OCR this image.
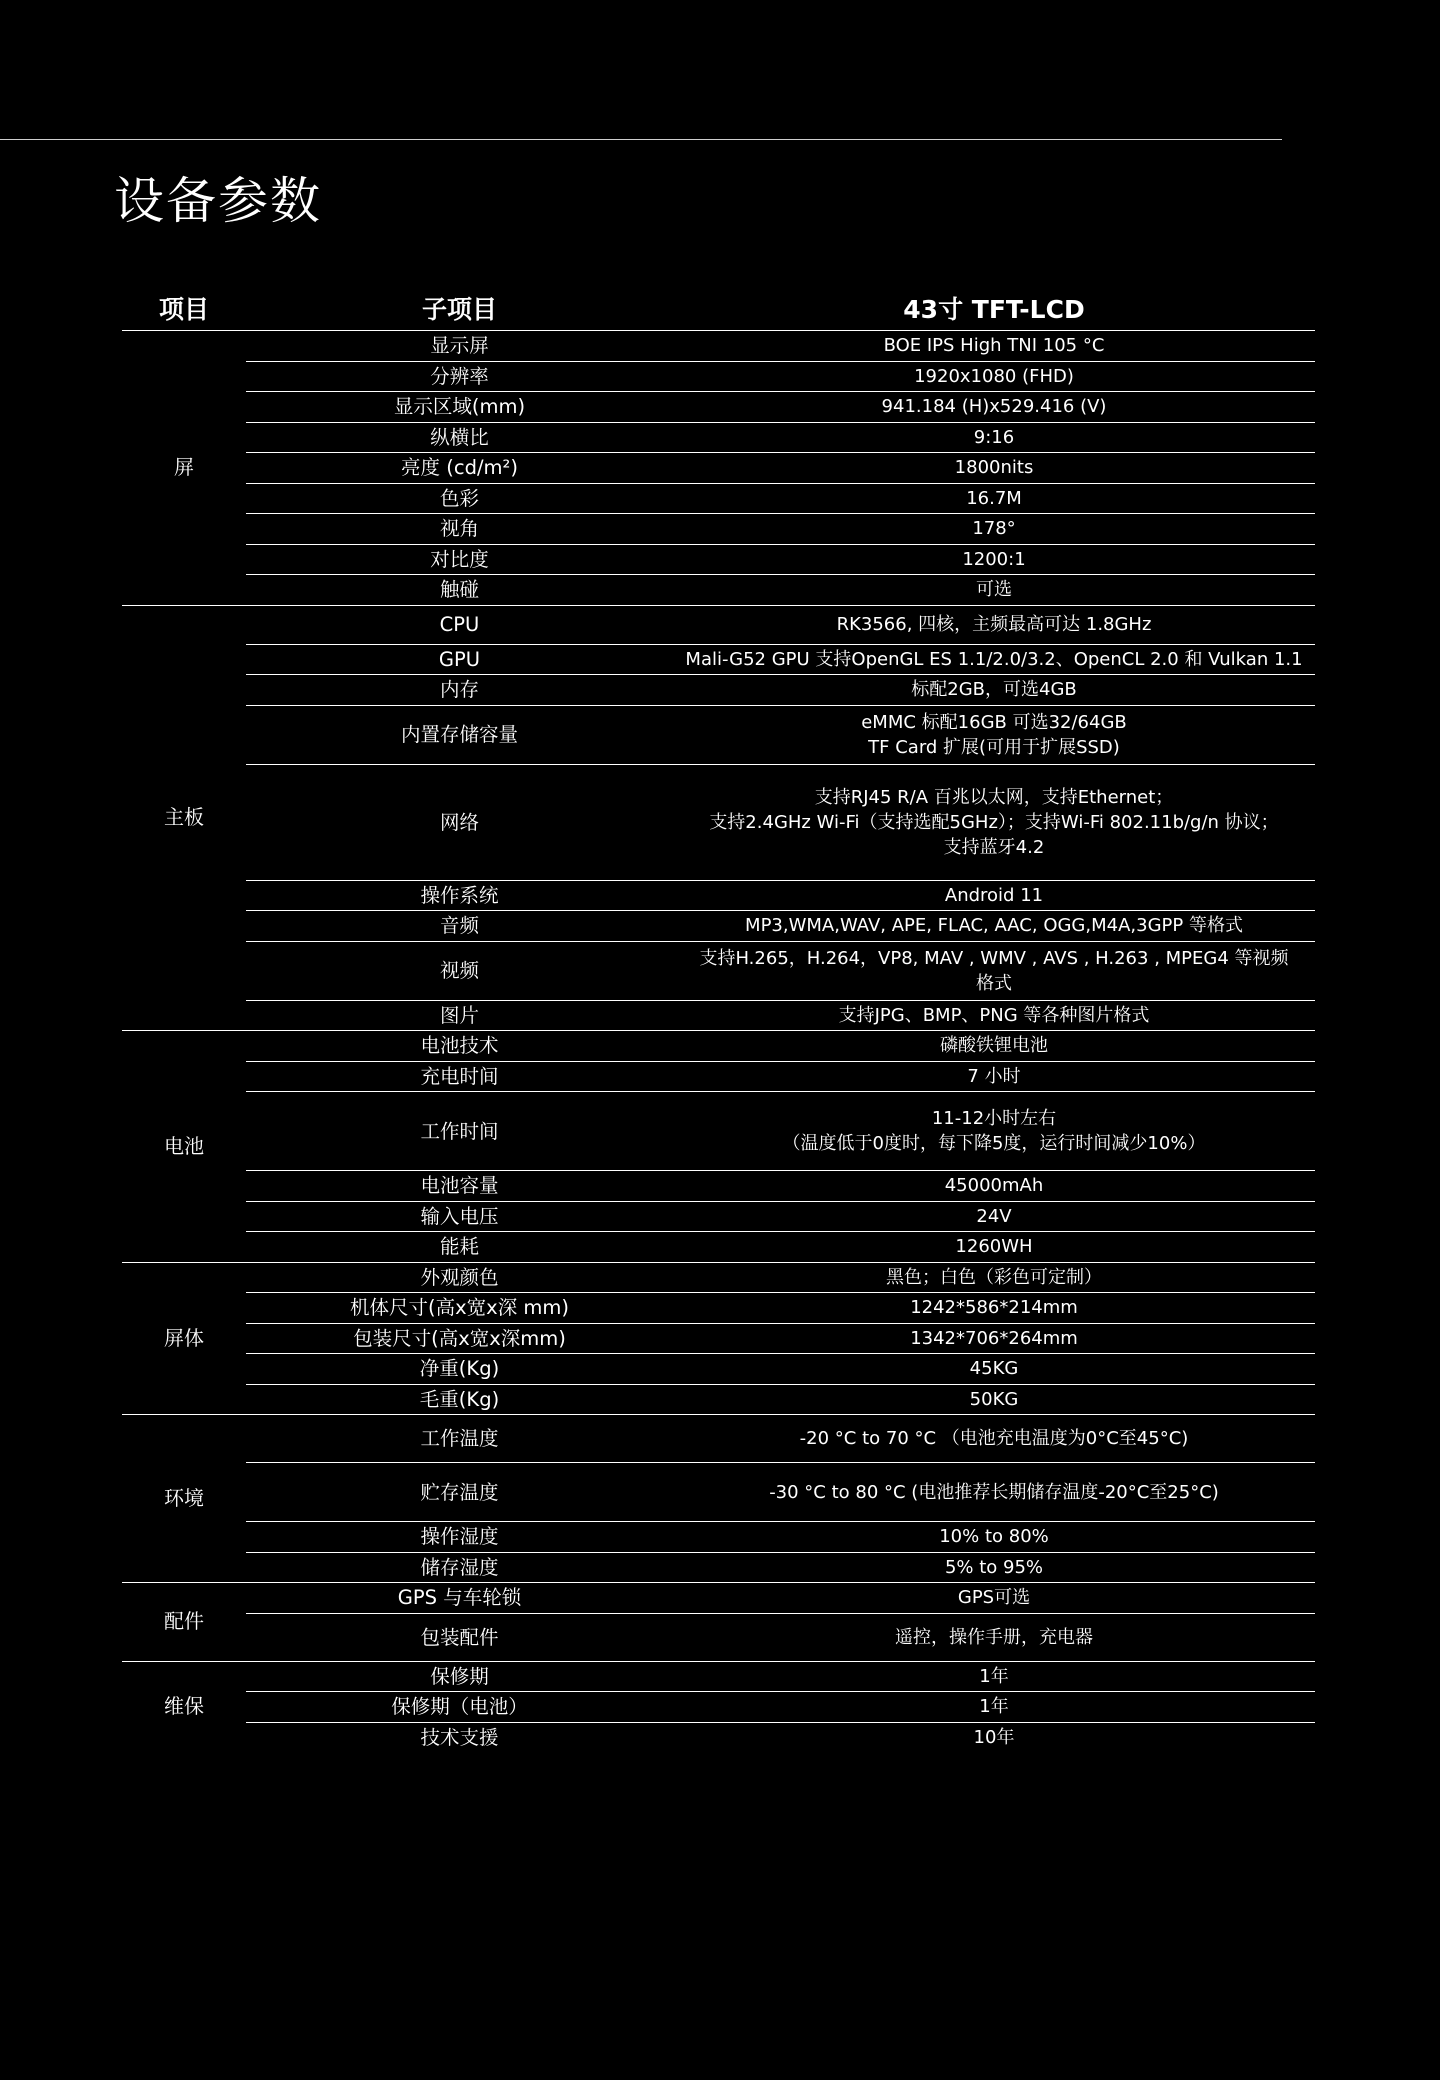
设备参数
项目	子项目	43寸 TFT-LCD
屏	显示屏	BOE IPS High TNI 105 °C

	分辨率	1920x1080 (FHD)

	显示区域(mm)	941.184 (H)x529.416 (V)

	纵横比	9:16

	亮度 (cd/m²)	1800nits

	色彩	16.7M

	视角	178°

	对比度	1200:1

	触碰	可选

主板	CPU	RK3566, 四核，主频最高可达 1.8GHz

	GPU	Mali-G52 GPU 支持OpenGL ES 1.1/2.0/3.2、OpenCL 2.0 和 Vulkan 1.1

	内存	标配2GB，可选4GB

	内置存储容量	eMMC 标配16GB 可选32/64GB
TF Card 扩展(可用于扩展SSD)

	网络	支持RJ45 R/A 百兆以太网，支持Ethernet；
支持2.4GHz Wi-Fi（支持选配5GHz）；支持Wi-Fi 802.11b/g/n 协议；
支持蓝牙4.2

	操作系统	Android 11

	音频	MP3,WMA,WAV, APE, FLAC, AAC, OGG,M4A,3GPP 等格式

	视频	支持H.265，H.264，VP8, MAV , WMV , AVS , H.263 , MPEG4 等视频
格式

	图片	支持JPG、BMP、PNG 等各种图片格式

电池	电池技术	磷酸铁锂电池

	充电时间	7 小时

	工作时间	11-12小时左右
（温度低于0度时，每下降5度，运行时间减少10%）

	电池容量	45000mAh

	输入电压	24V

	能耗	1260WH

屏体	外观颜色	黑色；白色（彩色可定制）

	机体尺寸(高x宽x深 mm)	1242*586*214mm

	包装尺寸(高x宽x深mm)	1342*706*264mm

	净重(Kg)	45KG

	毛重(Kg)	50KG

环境	工作温度	-20 °C to 70 °C （电池充电温度为0°C至45°C)

	贮存温度	-30 °C to 80 °C (电池推荐长期储存温度-20°C至25°C)

	操作湿度	10% to 80%

	储存湿度	5% to 95%

配件	GPS 与车轮锁	GPS可选

	包装配件	遥控，操作手册，充电器

维保	保修期	1年

	保修期（电池）	1年

	技术支援	10年
